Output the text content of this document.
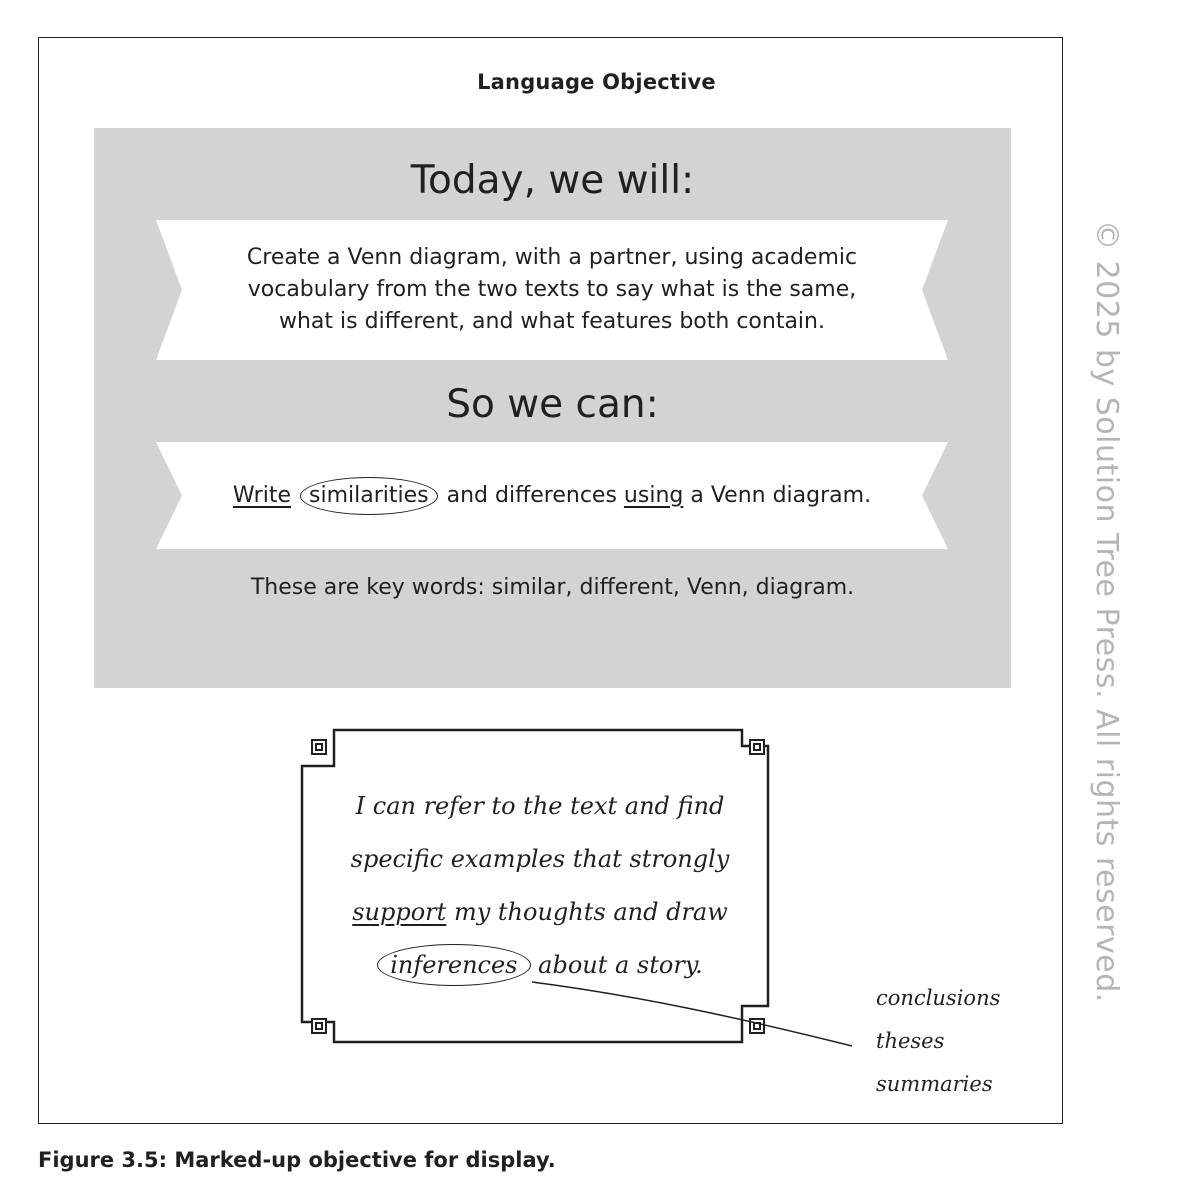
Language Objective
Today, we will:
Create a Venn diagram, with a partner, using academic
vocabulary from the two texts to say what is the same,
what is different, and what features both contain.
So we can:
Write similarities and differences using a Venn diagram.
These are key words: similar, different, Venn, diagram.
I can refer to the text and find
specific examples that strongly
support my thoughts and draw
inferences about a story.
conclusions
theses
summaries
© 2025 by Solution Tree Press. All rights reserved.
Figure 3.5: Marked-up objective for display.
